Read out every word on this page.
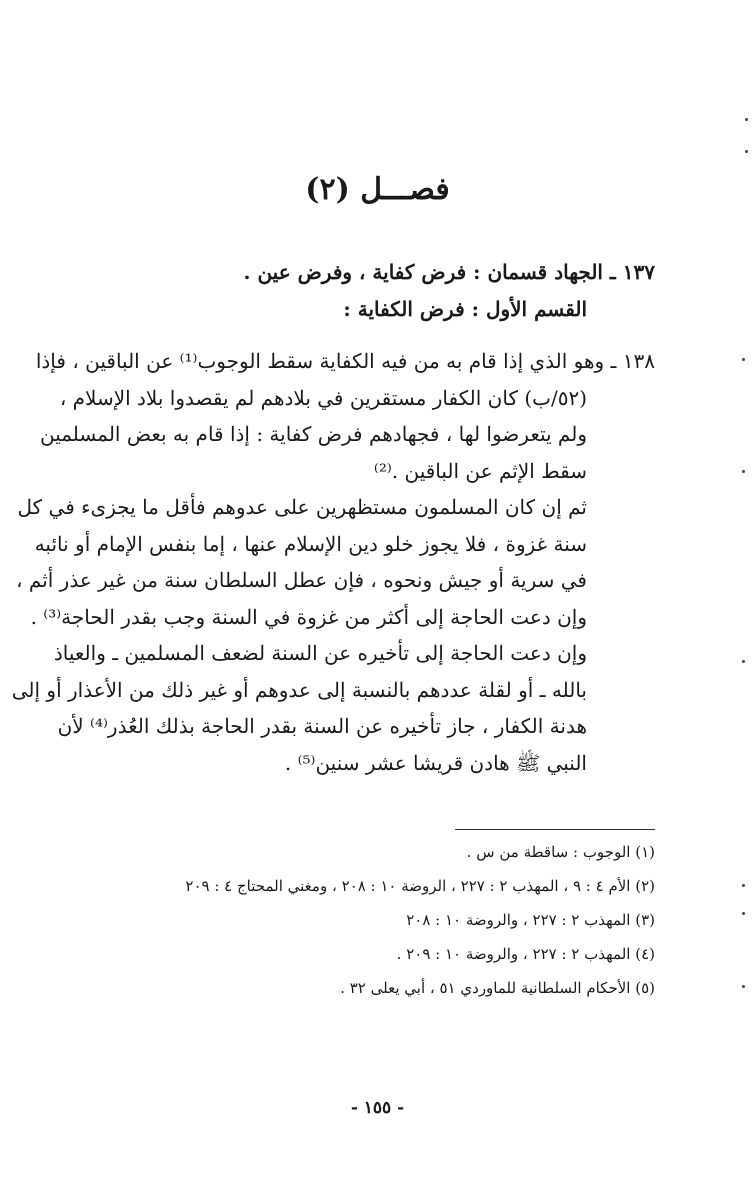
فصـــل (٢)
١٣٧ ـ الجهاد قسمان : فرض كفاية ، وفرض عين .
القسم الأول : فرض الكفاية :
١٣٨ ـ وهو الذي إذا قام به من فيه الكفاية سقط الوجوب⁽¹⁾ عن الباقين ، فإذا
(٥٢/ب) كان الكفار مستقرين في بلادهم لم يقصدوا بلاد الإسلام ،
ولم يتعرضوا لها ، فجهادهم فرض كفاية : إذا قام به بعض المسلمين
سقط الإثم عن الباقين .⁽²⁾
ثم إن كان المسلمون مستظهرين على عدوهم فأقل ما يجزىء في كل
سنة غزوة ، فلا يجوز خلو دين الإسلام عنها ، إما بنفس الإمام أو نائبه
في سرية أو جيش ونحوه ، فإن عطل السلطان سنة من غير عذر أثم ،
وإن دعت الحاجة إلى أكثر من غزوة في السنة وجب بقدر الحاجة⁽³⁾ .
وإن دعت الحاجة إلى تأخيره عن السنة لضعف المسلمين ـ والعياذ
بالله ـ أو لقلة عددهم بالنسبة إلى عدوهم أو غير ذلك من الأعذار أو إلى
هدنة الكفار ، جاز تأخيره عن السنة بقدر الحاجة بذلك العُذر⁽⁴⁾ لأن
النبي ﷺ هادن قريشا عشر سنين⁽⁵⁾ .
(١) الوجوب : ساقطة من س .
(٢) الأم ٤ : ٩ ، المهذب ٢ : ٢٢٧ ، الروضة ١٠ : ٢٠٨ ، ومغني المحتاج ٤ : ٢٠٩
(٣) المهذب ٢ : ٢٢٧ ، والروضة ١٠ : ٢٠٨
(٤) المهذب ٢ : ٢٢٧ ، والروضة ١٠ : ٢٠٩ .
(٥) الأحكام السلطانية للماوردي ٥١ ، أبي يعلى ٣٢ .
- ١٥٥ -
